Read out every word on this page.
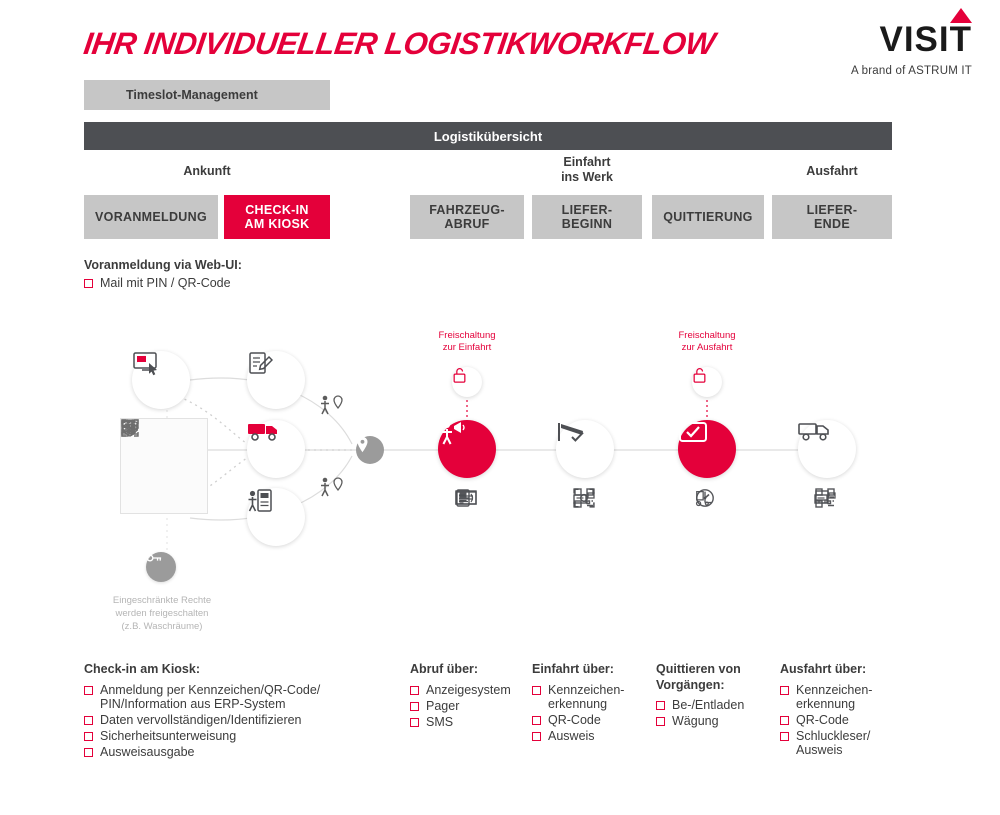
IHR INDIVIDUELLER LOGISTIKWORKFLOW	VISIT
A brand of ASTRUM IT
Timeslot-Management
Logistikübersicht
Ankunft
Einfahrt
ins Werk	Ausfahrt
VORANMELDUNG
CHECK-IN
AM KIOSK
FAHRZEUG-
ABRUF
LIEFER-
BEGINN
QUITTIERUNG
LIEFER-
ENDE
Voranmeldung via Web-UI:
Mail mit PIN / QR-Code
Freischaltung
zur Einfahrt
Freischaltung
zur Ausfahrt
Eingeschränkte Rechte
werden freigeschalten
(z.B. Waschräume)
Check-in am Kiosk:
Anmeldung per Kennzeichen/QR-Code/ PIN/Information aus ERP-System
Daten vervollständigen/Identifizieren
Sicherheitsunterweisung
Ausweisausgabe
Abruf über:
Anzeigesystem
Pager
SMS
Einfahrt über:
Kennzeichen- erkennung
QR-Code
Ausweis
Quittieren von Vorgängen:
Be-/Entladen
Wägung
Ausfahrt über:
Kennzeichen- erkennung
QR-Code
Schluckleser/ Ausweis
